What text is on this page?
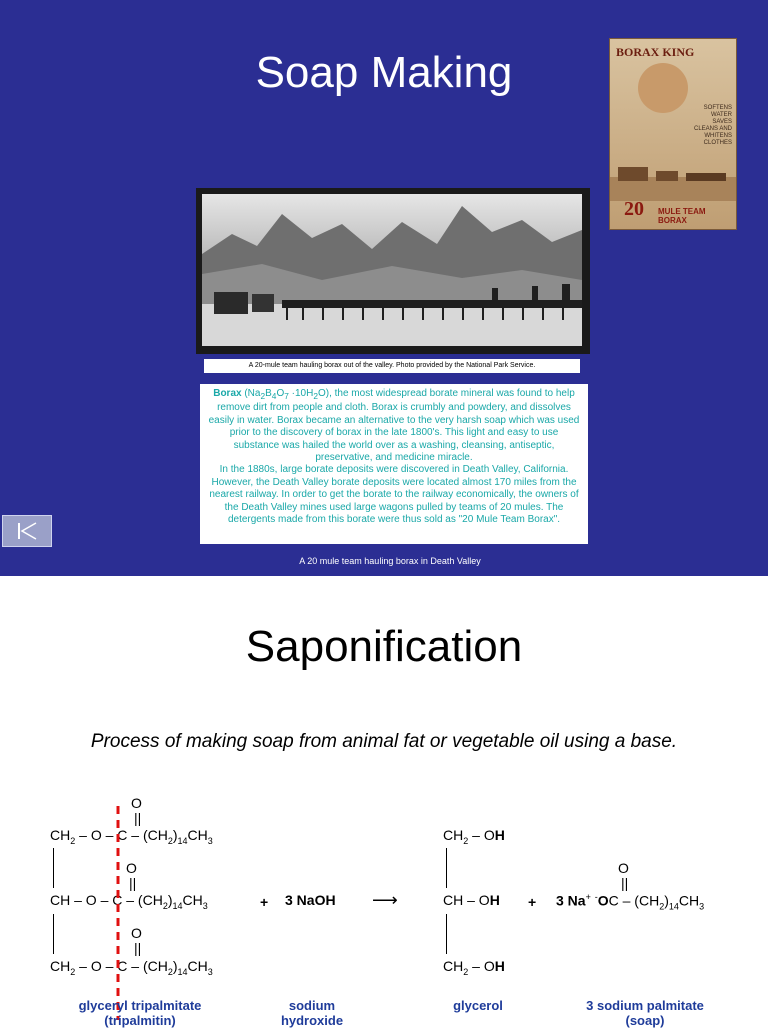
Soap Making	BORAX KING
SOFTENS WATER SAVES CLEANS AND WHITENS CLOTHES
20 MULE TEAM BORAX
A 20-mule team hauling borax out of the valley. Photo provided by the National Park Service.

Borax $(Na_2B_4O_7 \cdot 10H_2O)$, the most widespread borate mineral was found to help remove dirt from people and cloth. Borax is crumbly and powdery, and dissolves easily in water. Borax became an alternative to the very harsh soap which was used prior to the discovery of borax in the late 1800's. This light and easy to use substance was hailed the world over as a washing, cleansing, antiseptic, preservative, and medicine miracle.

In the 1880s, large borate deposits were discovered in Death Valley, California. However, the Death Valley borate deposits were located almost 170 miles from the nearest railway. In order to get the borate to the railway economically, the owners of the Death Valley mines used large wagons pulled by teams of 20 mules. The detergents made from this borate were thus sold as "20 Mule Team Borax".

A 20 mule team hauling borax in Death Valley
Saponification
Process of making soap from animal fat or vegetable oil using a base.
O
||
$CH_2$ – O – C – $(CH_2)_{14}CH_3$
O
||
CH – O – C – $(CH_2)_{14}CH_3$
O
||
$CH_2$ – O – C – $(CH_2)_{14}CH_3$
+ 3 NaOH ⟶
$CH_2$ – OH
CH – OH
$CH_2$ – OH
+
O
||
3 Na+ $^-OC - (CH_2)_{14}CH_3$
glyceryl tripalmitate
(tripalmitin)
sodium
hydroxide
glycerol	3 sodium palmitate
(soap)
